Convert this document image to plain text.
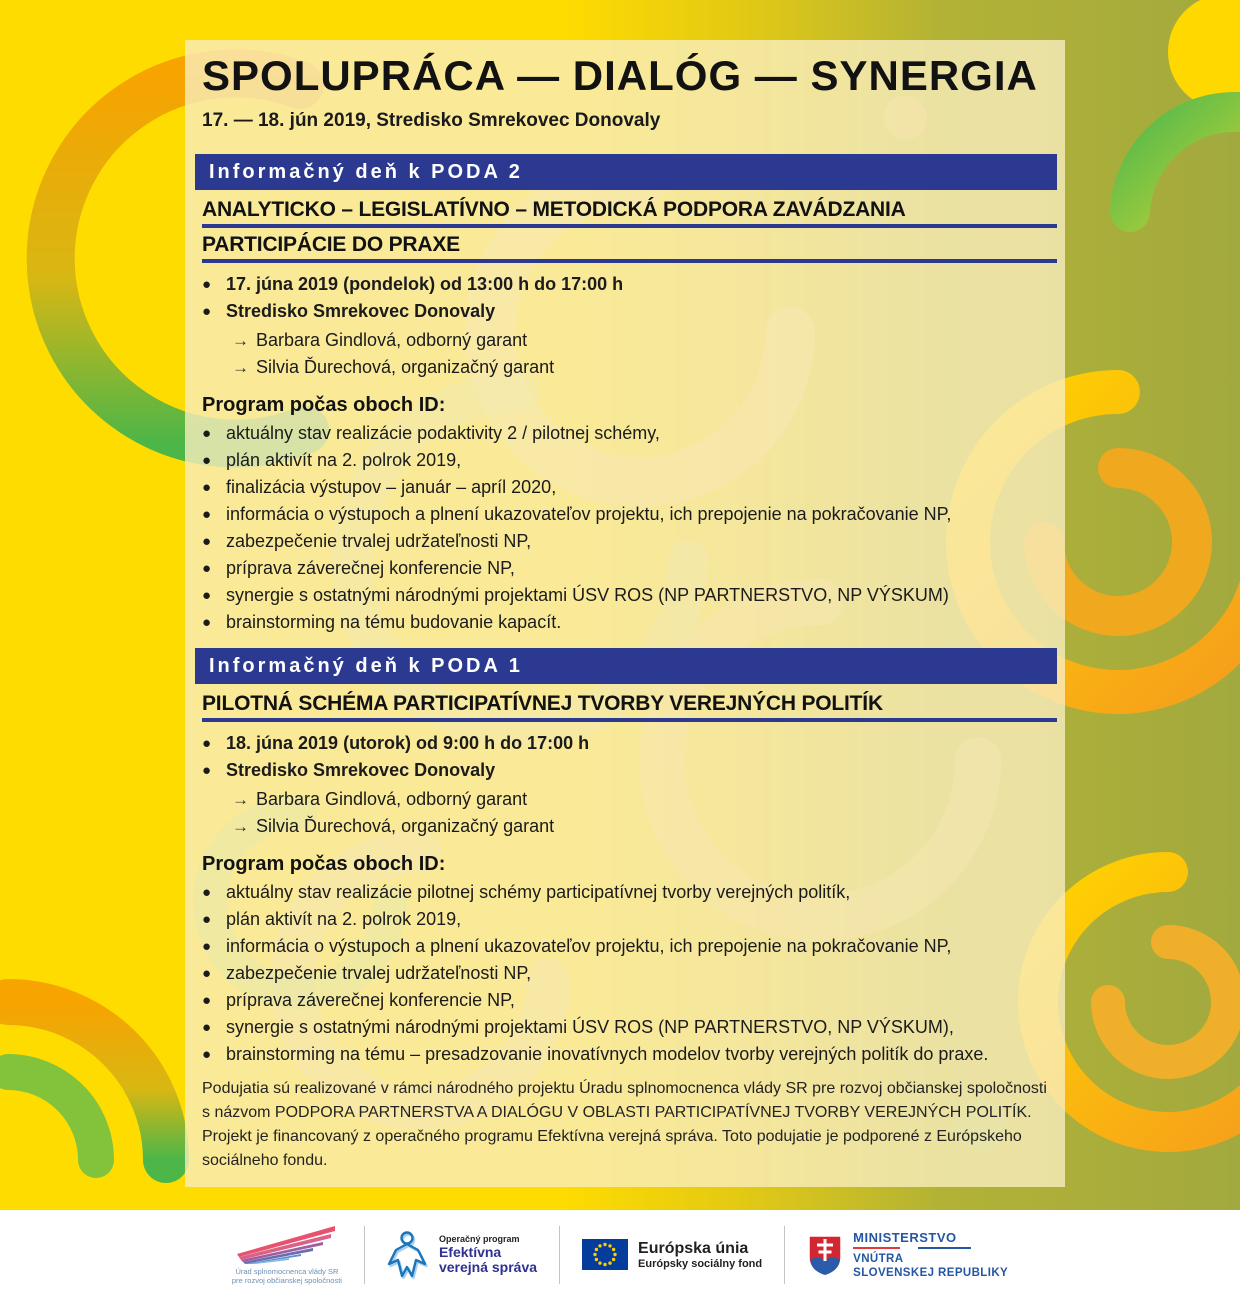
SPOLUPRÁCA — DIALÓG — SYNERGIA
17. — 18. jún 2019, Stredisko Smrekovec Donovaly
Informačný deň k PODA 2
ANALYTICKO – LEGISLATÍVNO – METODICKÁ PODPORA ZAVÁDZANIA
PARTICIPÁCIE DO PRAXE
● 17. júna 2019 (pondelok) od 13:00 h do 17:00 h
● Stredisko Smrekovec Donovaly
→ Barbara Gindlová, odborný garant
→ Silvia Ďurechová, organizačný garant
Program počas oboch ID:
● aktuálny stav realizácie podaktivity 2 / pilotnej schémy,
● plán aktivít na 2. polrok 2019,
● finalizácia výstupov – január – apríl 2020,
● informácia o výstupoch a plnení ukazovateľov projektu, ich prepojenie na pokračovanie NP,
● zabezpečenie trvalej udržateľnosti NP,
● príprava záverečnej konferencie NP,
● synergie s ostatnými národnými projektami ÚSV ROS (NP PARTNERSTVO, NP VÝSKUM)
● brainstorming na tému budovanie kapacít.
Informačný deň k PODA 1
PILOTNÁ SCHÉMA PARTICIPATÍVNEJ TVORBY VEREJNÝCH POLITÍK
● 18. júna 2019 (utorok) od 9:00 h do 17:00 h
● Stredisko Smrekovec Donovaly
→ Barbara Gindlová, odborný garant
→ Silvia Ďurechová, organizačný garant
Program počas oboch ID:
● aktuálny stav realizácie pilotnej schémy participatívnej tvorby verejných politík,
● plán aktivít na 2. polrok 2019,
● informácia o výstupoch a plnení ukazovateľov projektu, ich prepojenie na pokračovanie NP,
● zabezpečenie trvalej udržateľnosti NP,
● príprava záverečnej konferencie NP,
● synergie s ostatnými národnými projektami ÚSV ROS (NP PARTNERSTVO, NP VÝSKUM),
● brainstorming na tému – presadzovanie inovatívnych modelov tvorby verejných politík do praxe.
Podujatia sú realizované v rámci národného projektu Úradu splnomocnenca vlády SR pre rozvoj občianskej spoločnosti s názvom PODPORA PARTNERSTVA A DIALÓGU V OBLASTI PARTICIPATÍVNEJ TVORBY VEREJNÝCH POLITÍK. Projekt je financovaný z operačného programu Efektívna verejná správa. Toto podujatie je podporené z Európskeho sociálneho fondu.
Úrad splnomocnenca vlády SR
pre rozvoj občianskej spoločnosti
Operačný program
Efektívna
verejná správa
Európska únia
Európsky sociálny fond
MINISTERSTVO
VNÚTRA
SLOVENSKEJ REPUBLIKY
